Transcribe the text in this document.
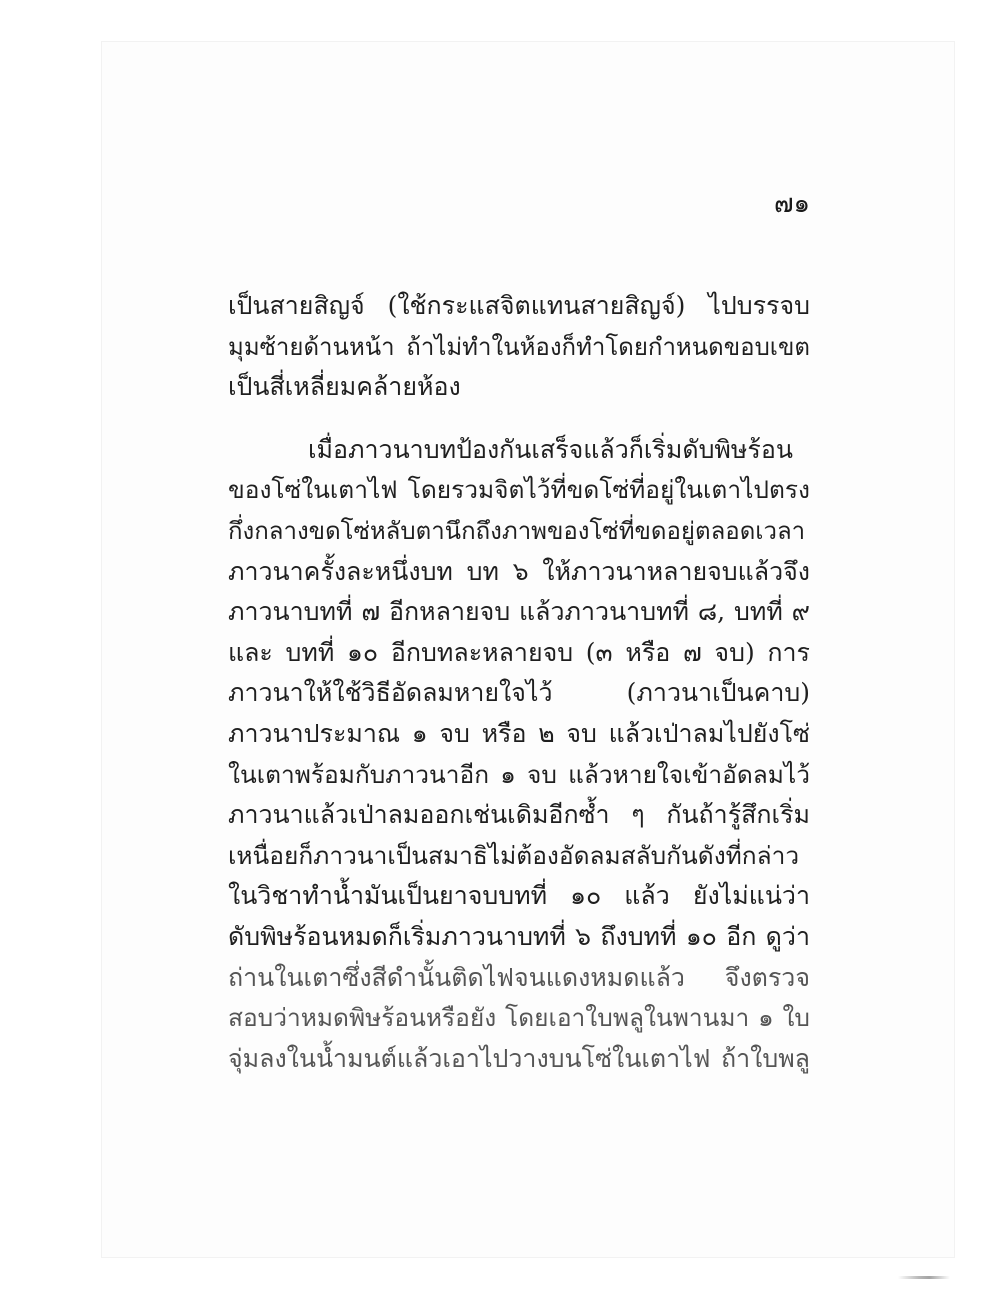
๗๑

เป็นสายสิญจ์ (ใช้กระแสจิตแทนสายสิญจ์) ไปบรรจบ
มุมซ้ายด้านหน้า ถ้าไม่ทำในห้องก็ทำโดยกำหนดขอบเขต
เป็นสี่เหลี่ยมคล้ายห้อง

เมื่อภาวนาบทป้องกันเสร็จแล้วก็เริ่มดับพิษร้อน
ของโซ่ในเตาไฟ โดยรวมจิตไว้ที่ขดโซ่ที่อยู่ในเตาไปตรง
กึ่งกลางขดโซ่หลับตานึกถึงภาพของโซ่ที่ขดอยู่ตลอดเวลา
ภาวนาครั้งละหนึ่งบท บท ๖ ให้ภาวนาหลายจบแล้วจึง
ภาวนาบทที่ ๗ อีกหลายจบ แล้วภาวนาบทที่ ๘, บทที่ ๙
และ บทที่ ๑๐ อีกบทละหลายจบ (๓ หรือ ๗ จบ) การ
ภาวนาให้ใช้วิธีอัดลมหายใจไว้ (ภาวนาเป็นคาบ)
ภาวนาประมาณ ๑ จบ หรือ ๒ จบ แล้วเป่าลมไปยังโซ่
ในเตาพร้อมกับภาวนาอีก ๑ จบ แล้วหายใจเข้าอัดลมไว้
ภาวนาแล้วเป่าลมออกเช่นเดิมอีกซ้ำ ๆ กันถ้ารู้สึกเริ่ม
เหนื่อยก็ภาวนาเป็นสมาธิไม่ต้องอัดลมสลับกันดังที่กล่าว
ในวิชาทำน้ำมันเป็นยาจบบทที่ ๑๐ แล้ว ยังไม่แน่ว่า
ดับพิษร้อนหมดก็เริ่มภาวนาบทที่ ๖ ถึงบทที่ ๑๐ อีก ดูว่า
ถ่านในเตาซึ่งสีดำนั้นติดไฟจนแดงหมดแล้ว จึงตรวจ
สอบว่าหมดพิษร้อนหรือยัง โดยเอาใบพลูในพานมา ๑ ใบ
จุ่มลงในน้ำมนต์แล้วเอาไปวางบนโซ่ในเตาไฟ ถ้าใบพลู
